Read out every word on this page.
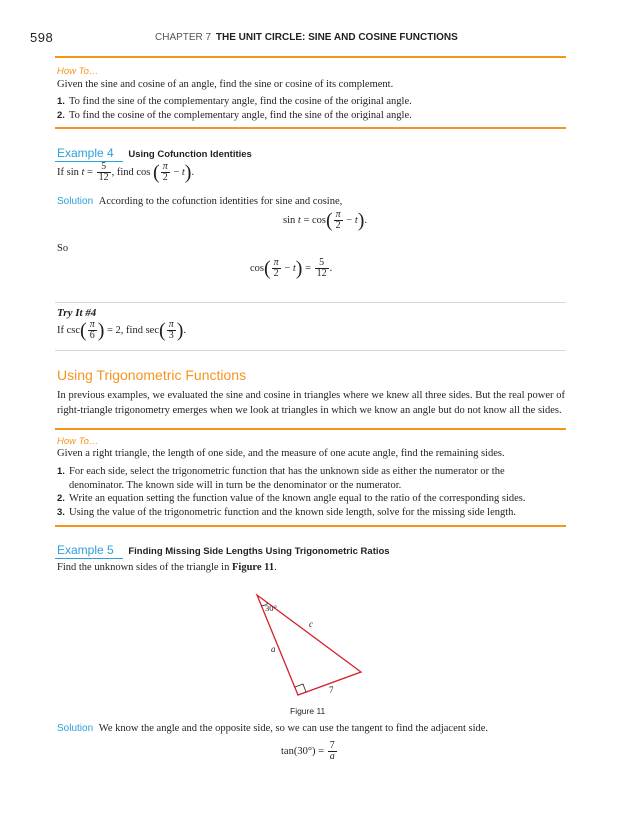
598	CHAPTER 7 THE UNIT CIRCLE: SINE AND COSINE FUNCTIONS
How To…
Given the sine and cosine of an angle, find the sine or cosine of its complement.
1. To find the sine of the complementary angle, find the cosine of the original angle.
2. To find the cosine of the complementary angle, find the sine of the original angle.
Example 4 Using Cofunction Identities
If $\sin t = \frac{5}{12}$ , find cos ( $\frac{\pi}{2} - t$).
Solution According to the cofunction identities for sine and cosine,
$\sin t = \cos( \frac{\pi}{2} - t)$.
So
$\cos( \frac{\pi}{2} - t) = \frac{5}{12}$ .
Try It #4
If $\csc( \frac{\pi}{6}$ ) = 2, find $\sec( \frac{\pi}{3}$ ).
Using Trigonometric Functions
In previous examples, we evaluated the sine and cosine in triangles where we knew all three sides. But the real power of right-triangle trigonometry emerges when we look at triangles in which we know an angle but do not know all the sides.
How To…
Given a right triangle, the length of one side, and the measure of one acute angle, find the remaining sides.
1. For each side, select the trigonometric function that has the unknown side as either the numerator or the denominator. The known side will in turn be the denominator or the numerator.
2. Write an equation setting the function value of the known angle equal to the ratio of the corresponding sides.
3. Using the value of the trigonometric function and the known side length, solve for the missing side length.
Example 5 Finding Missing Side Lengths Using Trigonometric Ratios
Find the unknown sides of the triangle in Figure 11.
30°
c
a
7
Figure 11
Solution We know the angle and the opposite side, so we can use the tangent to find the adjacent side.
$\tan(30^\circ) = \frac{7}{a}$
